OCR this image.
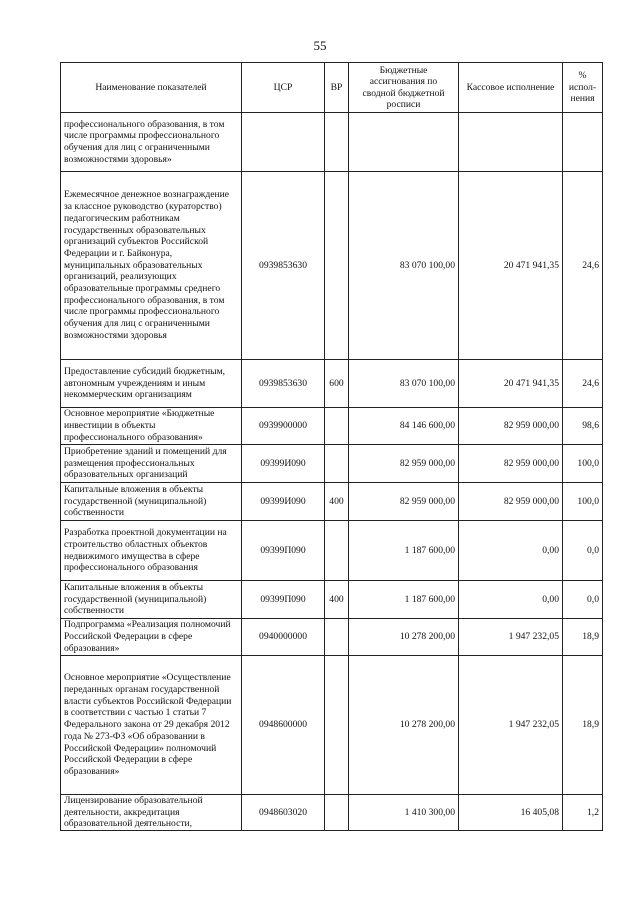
55
Наименование показателей	ЦСР	ВР	Бюджетные ассигнования по сводной бюджетной росписи	Кассовое исполнение	% испол-нения
профессионального образования, в том числе программы профессионального обучения для лиц с ограниченными возможностями здоровья»					
Ежемесячное денежное вознаграждение за классное руководство (кураторство) педагогическим работникам государственных образовательных организаций субъектов Российской Федерации и г. Байконура, муниципальных образовательных организаций, реализующих образовательные программы среднего профессионального образования, в том числе программы профессионального обучения для лиц с ограниченными возможностями здоровья	0939853630		83 070 100,00	20 471 941,35	24,6
Предоставление субсидий бюджетным, автономным учреждениям и иным некоммерческим организациям	0939853630	600	83 070 100,00	20 471 941,35	24,6
Основное мероприятие «Бюджетные инвестиции в объекты профессионального образования»	0939900000		84 146 600,00	82 959 000,00	98,6
Приобретение зданий и помещений для размещения профессиональных образовательных организаций	09399И090		82 959 000,00	82 959 000,00	100,0
Капитальные вложения в объекты государственной (муниципальной) собственности	09399И090	400	82 959 000,00	82 959 000,00	100,0
Разработка проектной документации на строительство областных объектов недвижимого имущества в сфере профессионального образования	09399П090		1 187 600,00	0,00	0,0
Капитальные вложения в объекты государственной (муниципальной) собственности	09399П090	400	1 187 600,00	0,00	0,0
Подпрограмма «Реализация полномочий Российской Федерации в сфере образования»	0940000000		10 278 200,00	1 947 232,05	18,9
Основное мероприятие «Осуществление переданных органам государственной власти субъектов Российской Федерации в соответствии с частью 1 статьи 7 Федерального закона от 29 декабря 2012 года № 273-ФЗ «Об образовании в Российской Федерации» полномочий Российской Федерации в сфере образования»	0948600000		10 278 200,00	1 947 232,05	18,9
Лицензирование образовательной деятельности, аккредитация образовательной деятельности,	0948603020		1 410 300,00	16 405,08	1,2
